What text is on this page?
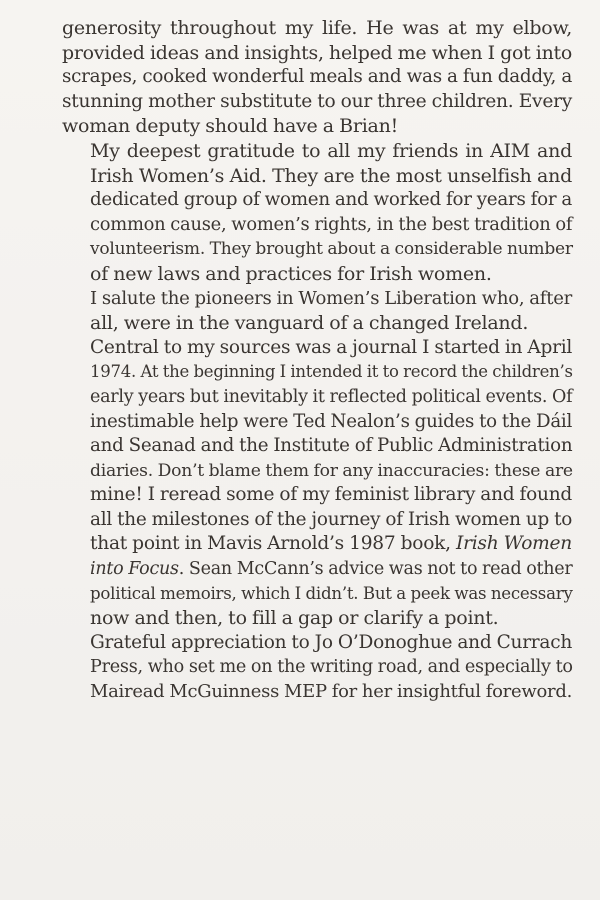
generosity throughout my life. He was at my elbow,
provided ideas and insights, helped me when I got into
scrapes, cooked wonderful meals and was a fun daddy, a
stunning mother substitute to our three children. Every
woman deputy should have a Brian!

My deepest gratitude to all my friends in AIM and
Irish Women’s Aid. They are the most unselfish and
dedicated group of women and worked for years for a
common cause, women’s rights, in the best tradition of
volunteerism. They brought about a considerable number
of new laws and practices for Irish women.

I salute the pioneers in Women’s Liberation who, after
all, were in the vanguard of a changed Ireland.

Central to my sources was a journal I started in April
1974. At the beginning I intended it to record the children’s
early years but inevitably it reflected political events. Of
inestimable help were Ted Nealon’s guides to the Dáil
and Seanad and the Institute of Public Administration
diaries. Don’t blame them for any inaccuracies: these are
mine! I reread some of my feminist library and found
all the milestones of the journey of Irish women up to
that point in Mavis Arnold’s 1987 book, Irish Women
into Focus. Sean McCann’s advice was not to read other
political memoirs, which I didn’t. But a peek was necessary
now and then, to fill a gap or clarify a point.

Grateful appreciation to Jo O’Donoghue and Currach
Press, who set me on the writing road, and especially to
Mairead McGuinness MEP for her insightful foreword.
